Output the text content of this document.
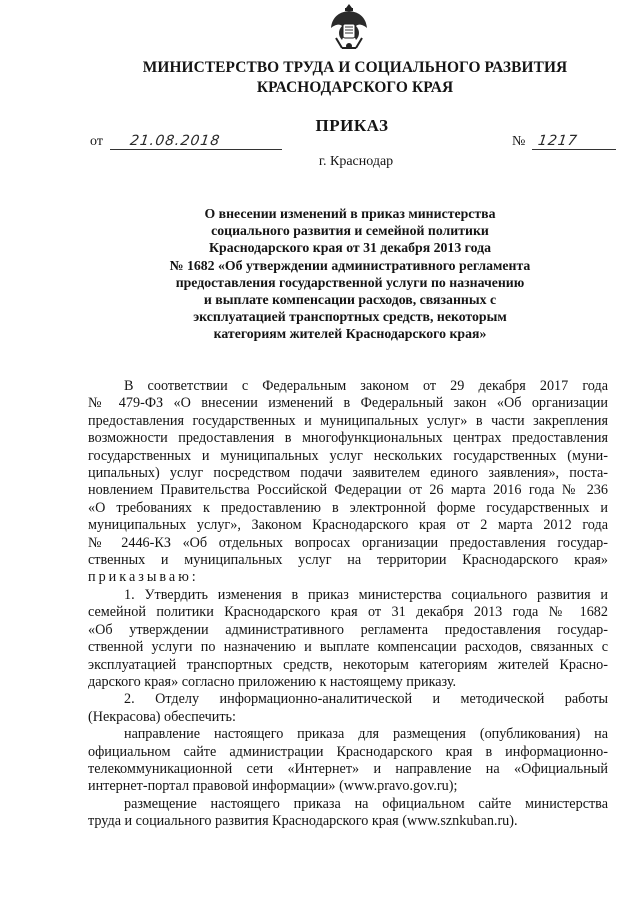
МИНИСТЕРСТВО ТРУДА И СОЦИАЛЬНОГО РАЗВИТИЯ
КРАСНОДАРСКОГО КРАЯ
ПРИКАЗ
от 21.08.2018	№ 1217
г. Краснодар
О внесении изменений в приказ министерства
социального развития и семейной политики
Краснодарского края от 31 декабря 2013 года
№ 1682 «Об утверждении административного регламента
предоставления государственной услуги по назначению
и выплате компенсации расходов, связанных с
эксплуатацией транспортных средств, некоторым
категориям жителей Краснодарского края»
В соответствии с Федеральным законом от 29 декабря 2017 года
№ 479-ФЗ «О внесении изменений в Федеральный закон «Об организации
предоставления государственных и муниципальных услуг» в части закрепления
возможности предоставления в многофункциональных центрах предоставления
государственных и муниципальных услуг нескольких государственных (муни-
ципальных) услуг посредством подачи заявителем единого заявления», поста-
новлением Правительства Российской Федерации от 26 марта 2016 года № 236
«О требованиях к предоставлению в электронной форме государственных и
муниципальных услуг», Законом Краснодарского края от 2 марта 2012 года
№ 2446-КЗ «Об отдельных вопросах организации предоставления государ-
ственных и муниципальных услуг на территории Краснодарского края»
приказываю:
1. Утвердить изменения в приказ министерства социального развития и
семейной политики Краснодарского края от 31 декабря 2013 года № 1682
«Об утверждении административного регламента предоставления государ-
ственной услуги по назначению и выплате компенсации расходов, связанных с
эксплуатацией транспортных средств, некоторым категориям жителей Красно-
дарского края» согласно приложению к настоящему приказу.
2. Отделу информационно-аналитической и методической работы
(Некрасова) обеспечить:
направление настоящего приказа для размещения (опубликования) на
официальном сайте администрации Краснодарского края в информационно-
телекоммуникационной сети «Интернет» и направление на «Официальный
интернет-портал правовой информации» (www.pravo.gov.ru);
размещение настоящего приказа на официальном сайте министерства
труда и социального развития Краснодарского края (www.sznkuban.ru).
